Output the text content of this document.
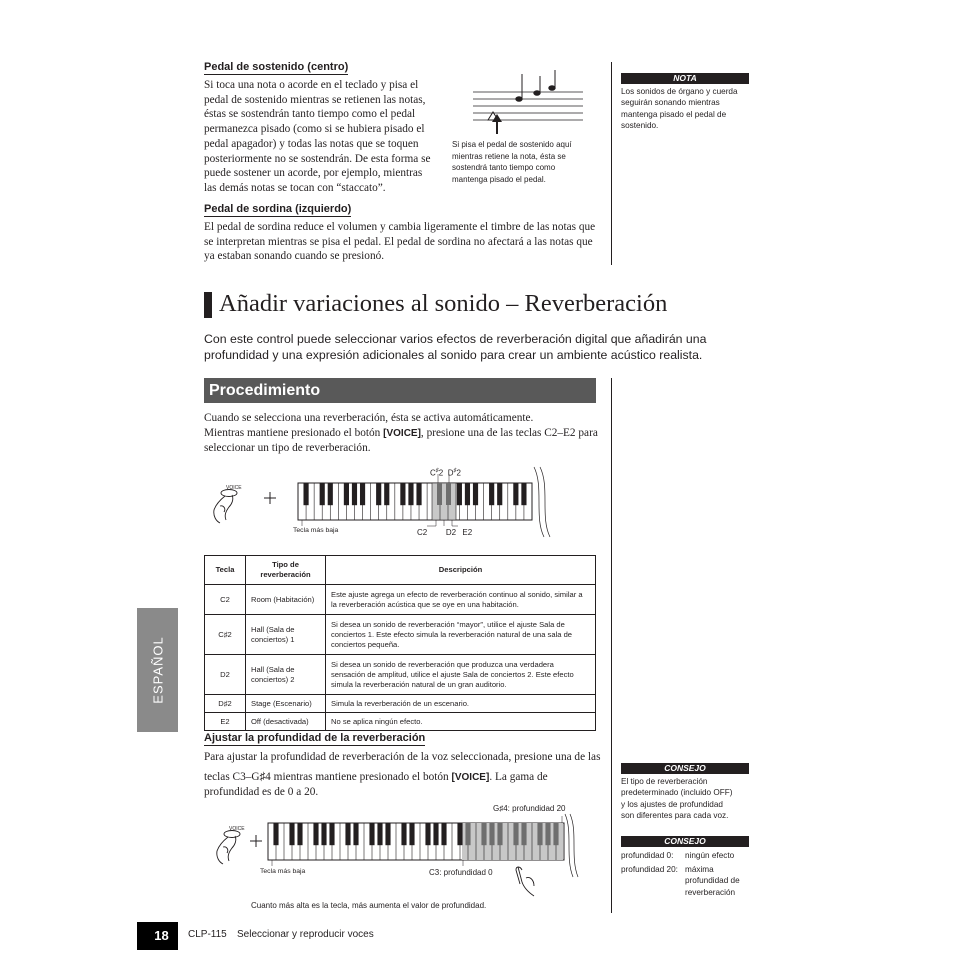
Pedal de sostenido (centro)
Si toca una nota o acorde en el teclado y pisa el
pedal de sostenido mientras se retienen las notas,
éstas se sostendrán tanto tiempo como el pedal
permanezca pisado (como si se hubiera pisado el
pedal apagador) y todas las notas que se toquen
posteriormente no se sostendrán. De esta forma se
puede sostener un acorde, por ejemplo, mientras
las demás notas se tocan con “staccato”.
Si pisa el pedal de sostenido aquí
mientras retiene la nota, ésta se
sostendrá tanto tiempo como
mantenga pisado el pedal.
NOTA
Los sonidos de órgano y cuerda
seguirán sonando mientras
mantenga pisado el pedal de
sostenido.
Pedal de sordina (izquierdo)
El pedal de sordina reduce el volumen y cambia ligeramente el timbre de las notas que
se interpretan mientras se pisa el pedal. El pedal de sordina no afectará a las notas que
ya estaban sonando cuando se presionó.
Añadir variaciones al sonido – Reverberación
Con este control puede seleccionar varios efectos de reverberación digital que añadirán una
profundidad y una expresión adicionales al sonido para crear un ambiente acústico realista.
Procedimiento
Cuando se selecciona una reverberación, ésta se activa automáticamente.
Mientras mantiene presionado el botón [VOICE], presione una de las teclas C2–E2 para
seleccionar un tipo de reverberación.
VOICE
C♯2 D♯2
C2 D2 E2
Tecla más baja
Tecla	Tipo de reverberación	Descripción
C2	Room (Habitación)	Este ajuste agrega un efecto de reverberación continuo al sonido, similar a la reverberación acústica que se oye en una habitación.
C♯2	Hall (Sala de conciertos) 1	Si desea un sonido de reverberación “mayor”, utilice el ajuste Sala de conciertos 1. Este efecto simula la reverberación natural de una sala de conciertos pequeña.
D2	Hall (Sala de conciertos) 2	Si desea un sonido de reverberación que produzca una verdadera sensación de amplitud, utilice el ajuste Sala de conciertos 2. Este efecto simula la reverberación natural de un gran auditorio.
D♯2	Stage (Escenario)	Simula la reverberación de un escenario.
E2	Off (desactivada)	No se aplica ningún efecto.
Ajustar la profundidad de la reverberación
Para ajustar la profundidad de reverberación de la voz seleccionada, presione una de las
teclas C3–G♯4 mientras mantiene presionado el botón [VOICE]. La gama de
profundidad es de 0 a 20.
VOICE
G♯4: profundidad 20
C3: profundidad 0
Tecla más baja
Cuanto más alta es la tecla, más aumenta el valor de profundidad.
CONSEJO
El tipo de reverberación
predeterminado (incluido OFF)
y los ajustes de profundidad
son diferentes para cada voz.
CONSEJO
profundidad 0: ningún efecto
profundidad 20: máxima
profundidad de
reverberación
ESPAÑOL
18	CLP-115 Seleccionar y reproducir voces
